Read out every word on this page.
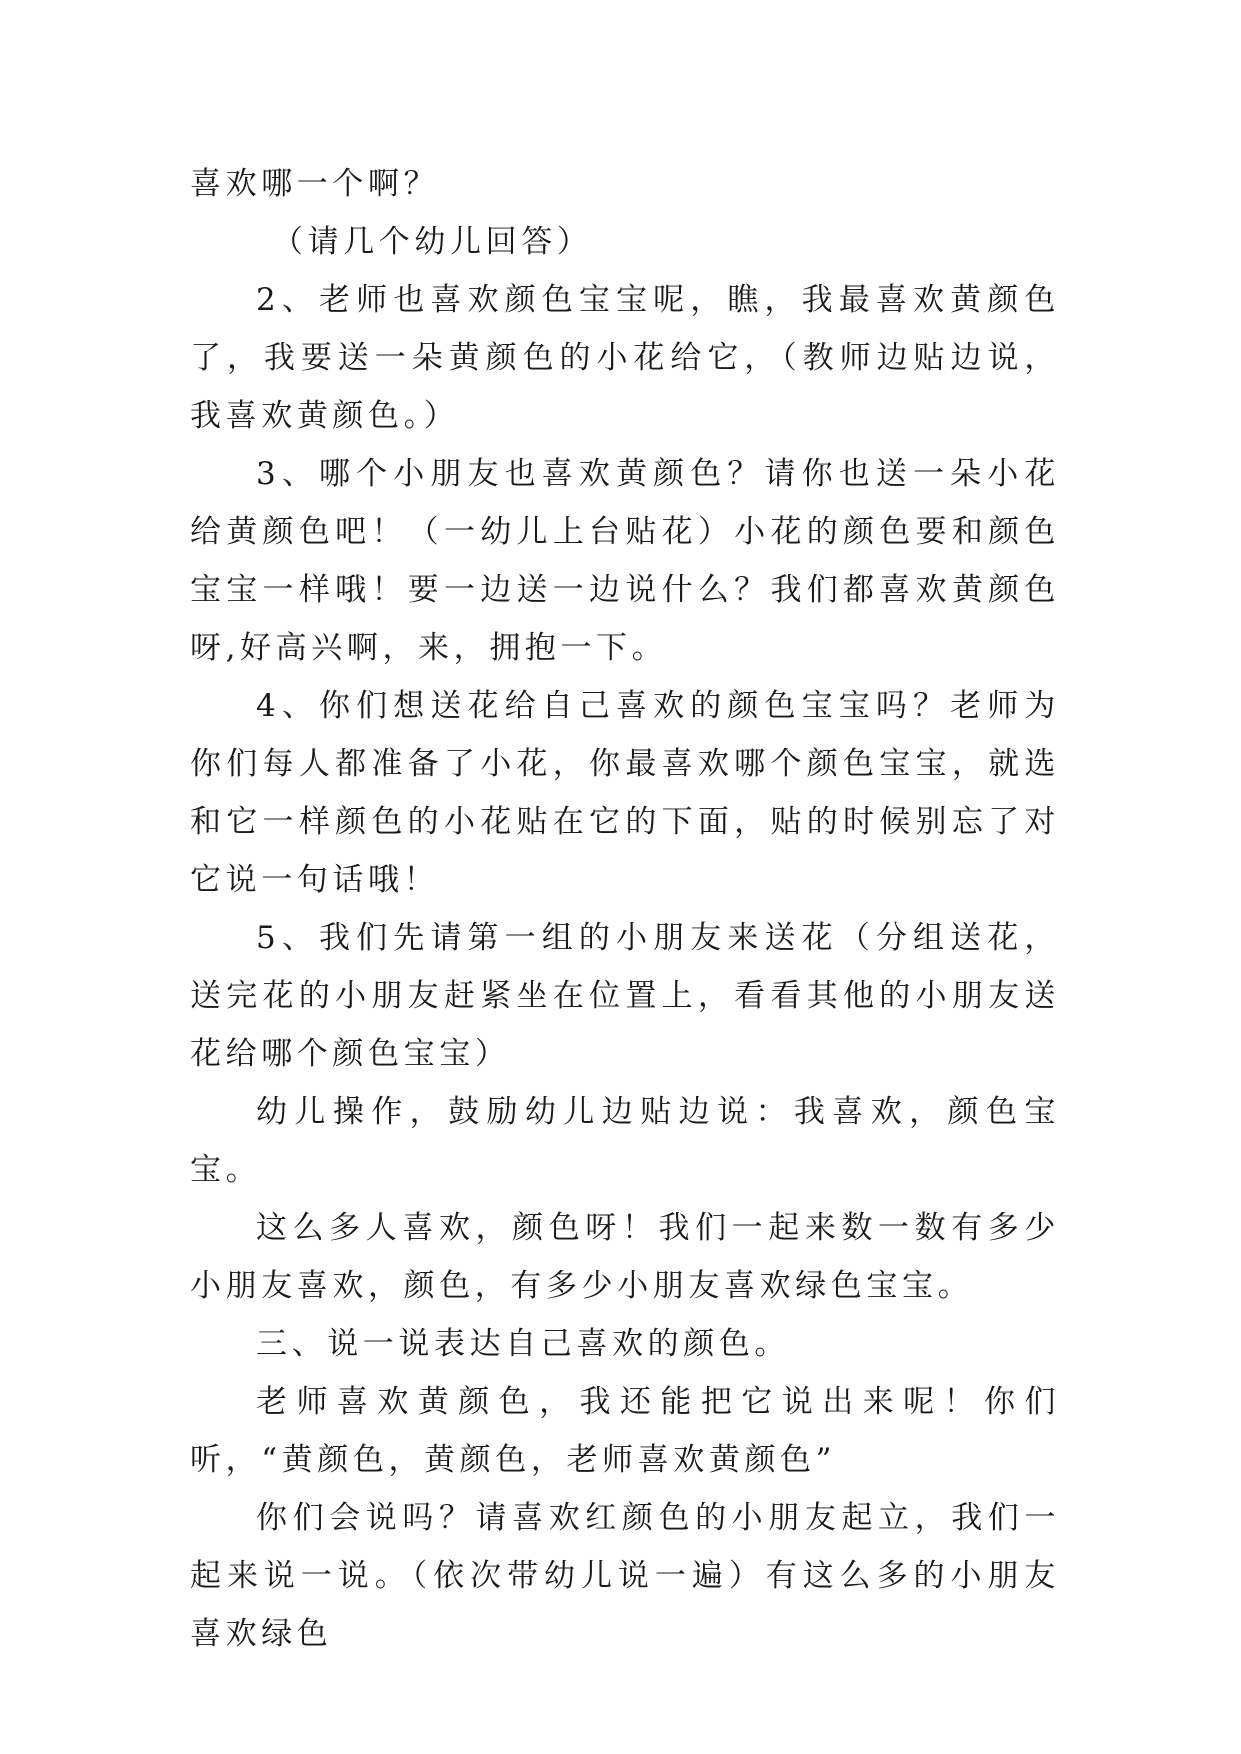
喜欢哪一个啊？

（请几个幼儿回答）

2、老师也喜欢颜色宝宝呢，瞧，我最喜欢黄颜色了，我要送一朵黄颜色的小花给它，（教师边贴边说，我喜欢黄颜色。）

3、哪个小朋友也喜欢黄颜色？请你也送一朵小花给黄颜色吧！（一幼儿上台贴花）小花的颜色要和颜色宝宝一样哦！要一边送一边说什么？我们都喜欢黄颜色呀,好高兴啊，来，拥抱一下。

4、你们想送花给自己喜欢的颜色宝宝吗？老师为你们每人都准备了小花，你最喜欢哪个颜色宝宝，就选和它一样颜色的小花贴在它的下面，贴的时候别忘了对它说一句话哦！

5、我们先请第一组的小朋友来送花（分组送花，送完花的小朋友赶紧坐在位置上，看看其他的小朋友送花给哪个颜色宝宝）

幼儿操作，鼓励幼儿边贴边说：我喜欢，颜色宝宝。

这么多人喜欢，颜色呀！我们一起来数一数有多少小朋友喜欢，颜色，有多少小朋友喜欢绿色宝宝。

三、说一说表达自己喜欢的颜色。

老师喜欢黄颜色，我还能把它说出来呢！你们听，“黄颜色，黄颜色，老师喜欢黄颜色”

你们会说吗？请喜欢红颜色的小朋友起立，我们一起来说一说。（依次带幼儿说一遍）有这么多的小朋友喜欢绿色
